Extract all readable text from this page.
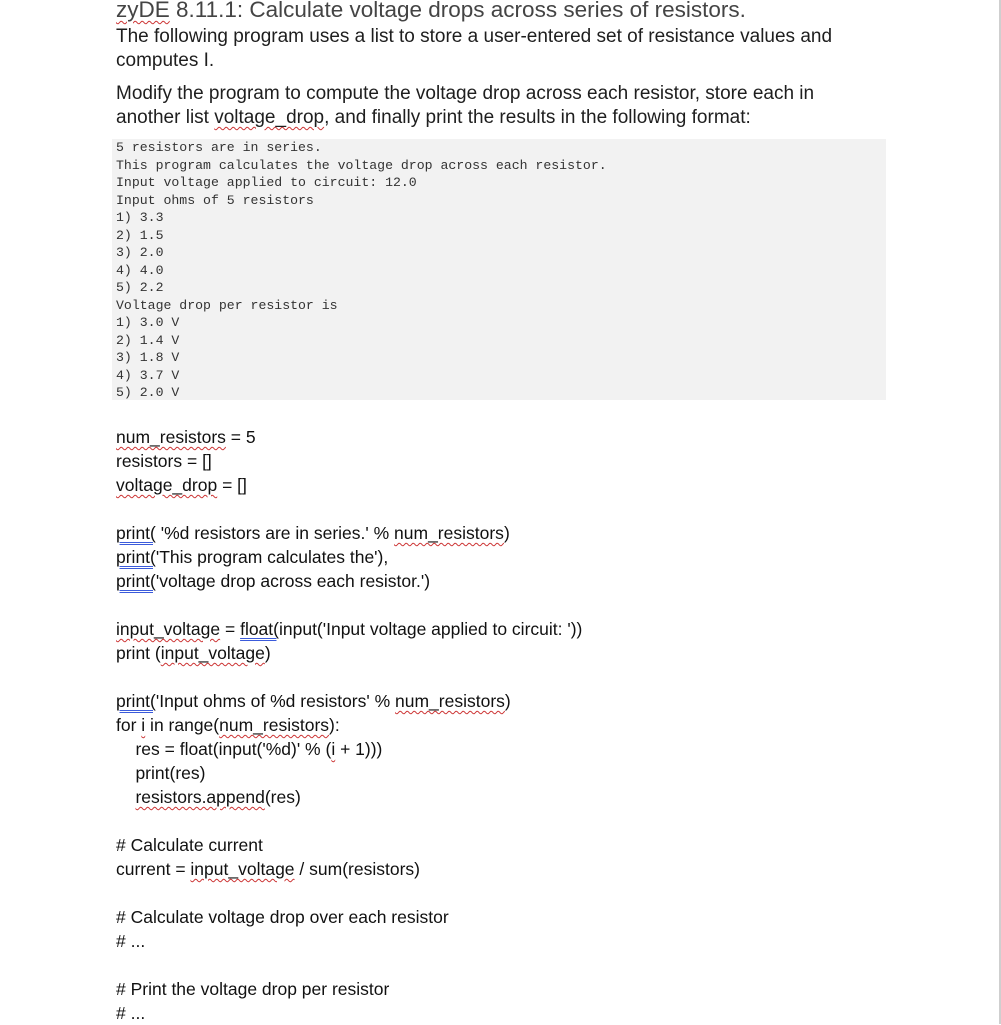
zyDE 8.11.1: Calculate voltage drops across series of resistors.
The following program uses a list to store a user-entered set of resistance values and
computes I.
Modify the program to compute the voltage drop across each resistor, store each in
another list voltage_drop, and finally print the results in the following format:
5 resistors are in series.
This program calculates the voltage drop across each resistor.
Input voltage applied to circuit: 12.0
Input ohms of 5 resistors
1) 3.3
2) 1.5
3) 2.0
4) 4.0
5) 2.2
Voltage drop per resistor is
1) 3.0 V
2) 1.4 V
3) 1.8 V
4) 3.7 V
5) 2.0 V
num_resistors = 5
resistors = []
voltage_drop = []
print( '%d resistors are in series.' % num_resistors)
print('This program calculates the'),
print('voltage drop across each resistor.')
input_voltage = float(input('Input voltage applied to circuit: '))
print (input_voltage)
print('Input ohms of %d resistors' % num_resistors)
for i in range(num_resistors):
res = float(input('%d)' % (i + 1)))
print(res)
resistors.append(res)
# Calculate current
current = input_voltage / sum(resistors)
# Calculate voltage drop over each resistor
# ...
# Print the voltage drop per resistor
# ...
